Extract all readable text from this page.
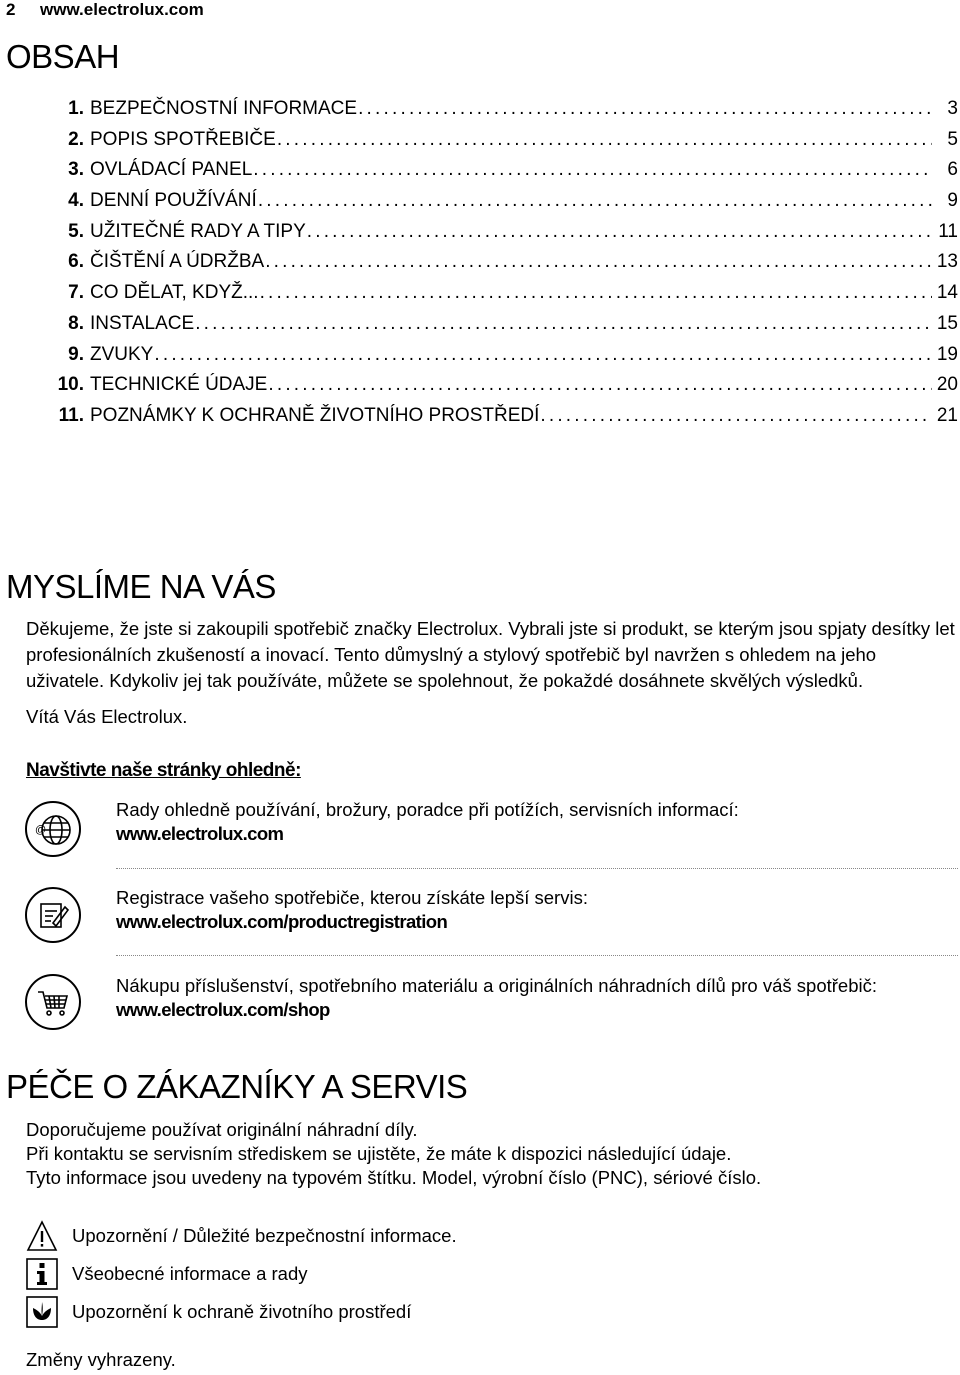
2 www.electrolux.com
OBSAH
1. BEZPEČNOSTNÍ INFORMACE .....	3
2. POPIS SPOTŘEBIČE .....	5
3. OVLÁDACÍ PANEL .....	6
4. DENNÍ POUŽÍVÁNÍ .....	9
5. UŽITEČNÉ RADY A TIPY .....	11
6. ČIŠTĚNÍ A ÚDRŽBA .....	13
7. CO DĚLAT, KDYŽ... .....	14
8. INSTALACE .....	15
9. ZVUKY .....	19
10. TECHNICKÉ ÚDAJE .....	20
11. POZNÁMKY K OCHRANĚ ŽIVOTNÍHO PROSTŘEDÍ .....	21
MYSLÍME NA VÁS
Děkujeme, že jste si zakoupili spotřebič značky Electrolux. Vybrali jste si produkt, se kterým jsou spjaty desítky let profesionálních zkušeností a inovací. Tento důmyslný a stylový spotřebič byl navržen s ohledem na jeho uživatele. Kdykoliv jej tak používáte, můžete se spolehnout, že pokaždé dosáhnete skvělých výsledků.
Vítá Vás Electrolux.
Navštivte naše stránky ohledně:
@
Rady ohledně používání, brožury, poradce při potížích, servisních informací:
www.electrolux.com
Registrace vašeho spotřebiče, kterou získáte lepší servis:
www.electrolux.com/productregistration
Nákupu příslušenství, spotřebního materiálu a originálních náhradních dílů pro váš spotřebič:
www.electrolux.com/shop
PÉČE O ZÁKAZNÍKY A SERVIS
Doporučujeme používat originální náhradní díly.
Při kontaktu se servisním střediskem se ujistěte, že máte k dispozici následující údaje.
Tyto informace jsou uvedeny na typovém štítku. Model, výrobní číslo (PNC), sériové číslo.
Upozornění / Důležité bezpečnostní informace.
Všeobecné informace a rady
Upozornění k ochraně životního prostředí
Změny vyhrazeny.
